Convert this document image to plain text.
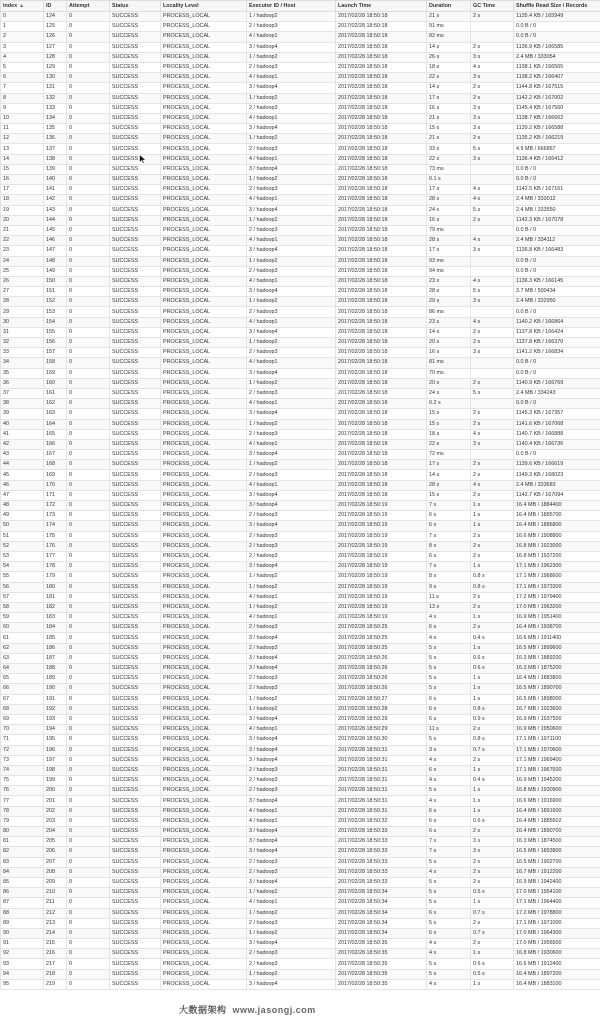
Index ▲	ID	Attempt	Status	Locality Level	Executor ID / Host	Launch Time	Duration	GC Time	Shuffle Read Size / Records
0	124	0	SUCCESS	PROCESS_LOCAL	1 / hadoop2	2017/02/28 18:50:18	21 s	2 s	1135.4 KB / 165949
1	125	0	SUCCESS	PROCESS_LOCAL	2 / hadoop3	2017/02/28 18:50:18	91 ms		0.0 B / 0
2	126	0	SUCCESS	PROCESS_LOCAL	4 / hadoop1	2017/02/28 18:50:18	82 ms		0.0 B / 0
3	127	0	SUCCESS	PROCESS_LOCAL	3 / hadoop4	2017/02/28 18:50:18	14 s	2 s	1136.9 KB / 166585
4	128	0	SUCCESS	PROCESS_LOCAL	1 / hadoop2	2017/02/28 18:50:18	26 s	3 s	2.4 MB / 333054
5	129	0	SUCCESS	PROCESS_LOCAL	2 / hadoop3	2017/02/28 18:50:18	18 s	4 s	1138.1 KB / 166505
6	130	0	SUCCESS	PROCESS_LOCAL	4 / hadoop1	2017/02/28 18:50:18	22 s	3 s	1138.2 KB / 166407
7	131	0	SUCCESS	PROCESS_LOCAL	3 / hadoop4	2017/02/28 18:50:18	14 s	2 s	1144.8 KB / 167515
8	132	0	SUCCESS	PROCESS_LOCAL	1 / hadoop2	2017/02/28 18:50:18	17 s	2 s	1142.2 KB / 167002
9	133	0	SUCCESS	PROCESS_LOCAL	2 / hadoop3	2017/02/28 18:50:18	16 s	3 s	1145.4 KB / 167560
10	134	0	SUCCESS	PROCESS_LOCAL	4 / hadoop1	2017/02/28 18:50:18	21 s	3 s	1138.7 KB / 166662
11	135	0	SUCCESS	PROCESS_LOCAL	3 / hadoop4	2017/02/28 18:50:18	15 s	3 s	1139.2 KB / 166588
12	136	0	SUCCESS	PROCESS_LOCAL	1 / hadoop2	2017/02/28 18:50:18	21 s	2 s	1135.2 KB / 166219
13	137	0	SUCCESS	PROCESS_LOCAL	2 / hadoop3	2017/02/28 18:50:18	33 s	5 s	4.9 MB / 666867
14	138	0	SUCCESS	PROCESS_LOCAL	4 / hadoop1	2017/02/28 18:50:18	22 s	3 s	1136.4 KB / 166412
15	139	0	SUCCESS	PROCESS_LOCAL	3 / hadoop4	2017/02/28 18:50:18	73 ms		0.0 B / 0
16	140	0	SUCCESS	PROCESS_LOCAL	1 / hadoop2	2017/02/28 18:50:18	0.1 s		0.0 B / 0
17	141	0	SUCCESS	PROCESS_LOCAL	2 / hadoop3	2017/02/28 18:50:18	17 s	4 s	1142.5 KB / 167161
18	142	0	SUCCESS	PROCESS_LOCAL	4 / hadoop1	2017/02/28 18:50:18	28 s	4 s	2.4 MB / 333012
19	143	0	SUCCESS	PROCESS_LOCAL	3 / hadoop4	2017/02/28 18:50:18	24 s	5 s	2.4 MB / 333550
20	144	0	SUCCESS	PROCESS_LOCAL	1 / hadoop2	2017/02/28 18:50:18	16 s	2 s	1142.3 KB / 167078
21	145	0	SUCCESS	PROCESS_LOCAL	2 / hadoop3	2017/02/28 18:50:18	79 ms		0.0 B / 0
22	146	0	SUCCESS	PROCESS_LOCAL	4 / hadoop1	2017/02/28 18:50:18	28 s	4 s	2.4 MB / 334112
23	147	0	SUCCESS	PROCESS_LOCAL	3 / hadoop4	2017/02/28 18:50:18	17 s	3 s	1136.8 KB / 166483
24	148	0	SUCCESS	PROCESS_LOCAL	1 / hadoop2	2017/02/28 18:50:18	93 ms		0.0 B / 0
25	149	0	SUCCESS	PROCESS_LOCAL	2 / hadoop3	2017/02/28 18:50:18	94 ms		0.0 B / 0
26	150	0	SUCCESS	PROCESS_LOCAL	4 / hadoop1	2017/02/28 18:50:18	23 s	4 s	1136.3 KB / 166145
27	151	0	SUCCESS	PROCESS_LOCAL	3 / hadoop4	2017/02/28 18:50:18	28 s	5 s	3.7 MB / 500434
28	152	0	SUCCESS	PROCESS_LOCAL	1 / hadoop2	2017/02/28 18:50:18	29 s	3 s	2.4 MB / 332950
29	153	0	SUCCESS	PROCESS_LOCAL	2 / hadoop3	2017/02/28 18:50:18	86 ms		0.0 B / 0
30	154	0	SUCCESS	PROCESS_LOCAL	4 / hadoop1	2017/02/28 18:50:18	23 s	4 s	1140.2 KB / 166864
31	155	0	SUCCESS	PROCESS_LOCAL	3 / hadoop4	2017/02/28 18:50:18	14 s	2 s	1137.8 KB / 166424
32	156	0	SUCCESS	PROCESS_LOCAL	1 / hadoop2	2017/02/28 18:50:18	20 s	2 s	1137.8 KB / 166370
33	157	0	SUCCESS	PROCESS_LOCAL	2 / hadoop3	2017/02/28 18:50:18	16 s	3 s	1141.2 KB / 166834
34	158	0	SUCCESS	PROCESS_LOCAL	4 / hadoop1	2017/02/28 18:50:18	81 ms		0.0 B / 0
35	159	0	SUCCESS	PROCESS_LOCAL	3 / hadoop4	2017/02/28 18:50:18	70 ms		0.0 B / 0
36	160	0	SUCCESS	PROCESS_LOCAL	1 / hadoop2	2017/02/28 18:50:18	20 s	2 s	1140.9 KB / 166769
37	161	0	SUCCESS	PROCESS_LOCAL	2 / hadoop3	2017/02/28 18:50:18	24 s	5 s	2.4 MB / 334243
38	162	0	SUCCESS	PROCESS_LOCAL	4 / hadoop1	2017/02/28 18:50:18	0.2 s		0.0 B / 0
39	163	0	SUCCESS	PROCESS_LOCAL	3 / hadoop4	2017/02/28 18:50:18	15 s	2 s	1145.3 KB / 167357
40	164	0	SUCCESS	PROCESS_LOCAL	1 / hadoop2	2017/02/28 18:50:18	15 s	2 s	1141.6 KB / 167068
41	165	0	SUCCESS	PROCESS_LOCAL	2 / hadoop3	2017/02/28 18:50:18	18 s	4 s	1140.7 KB / 166888
42	166	0	SUCCESS	PROCESS_LOCAL	4 / hadoop1	2017/02/28 18:50:18	22 s	3 s	1140.4 KB / 166736
43	167	0	SUCCESS	PROCESS_LOCAL	3 / hadoop4	2017/02/28 18:50:18	72 ms		0.0 B / 0
44	168	0	SUCCESS	PROCESS_LOCAL	1 / hadoop2	2017/02/28 18:50:18	17 s	2 s	1139.6 KB / 166619
45	169	0	SUCCESS	PROCESS_LOCAL	2 / hadoop3	2017/02/28 18:50:18	14 s	2 s	1149.3 KB / 168023
46	170	0	SUCCESS	PROCESS_LOCAL	4 / hadoop1	2017/02/28 18:50:18	28 s	4 s	2.4 MB / 333683
47	171	0	SUCCESS	PROCESS_LOCAL	3 / hadoop4	2017/02/28 18:50:18	15 s	2 s	1142.7 KB / 167094
48	172	0	SUCCESS	PROCESS_LOCAL	3 / hadoop4	2017/02/28 18:50:19	7 s	1 s	16.4 MB / 1884400
49	173	0	SUCCESS	PROCESS_LOCAL	2 / hadoop3	2017/02/28 18:50:19	6 s	1 s	16.4 MB / 1885700
50	174	0	SUCCESS	PROCESS_LOCAL	3 / hadoop4	2017/02/28 18:50:19	6 s	1 s	16.4 MB / 1886800
51	175	0	SUCCESS	PROCESS_LOCAL	2 / hadoop3	2017/02/28 18:50:19	7 s	2 s	16.6 MB / 1908800
52	176	0	SUCCESS	PROCESS_LOCAL	2 / hadoop3	2017/02/28 18:50:19	8 s	2 s	16.8 MB / 1923000
53	177	0	SUCCESS	PROCESS_LOCAL	2 / hadoop3	2017/02/28 18:50:19	6 s	2 s	16.8 MB / 1937200
54	178	0	SUCCESS	PROCESS_LOCAL	3 / hadoop4	2017/02/28 18:50:19	7 s	1 s	17.1 MB / 1962300
55	179	0	SUCCESS	PROCESS_LOCAL	1 / hadoop2	2017/02/28 18:50:19	8 s	0.8 s	17.1 MB / 1968600
56	180	0	SUCCESS	PROCESS_LOCAL	1 / hadoop2	2017/02/28 18:50:19	9 s	0.8 s	17.1 MB / 1973300
57	181	0	SUCCESS	PROCESS_LOCAL	4 / hadoop1	2017/02/28 18:50:19	11 s	2 s	17.2 MB / 1979400
58	182	0	SUCCESS	PROCESS_LOCAL	1 / hadoop2	2017/02/28 18:50:19	13 s	2 s	17.0 MB / 1963200
59	183	0	SUCCESS	PROCESS_LOCAL	4 / hadoop1	2017/02/28 18:50:19	4 s	1 s	16.9 MB / 1951400
60	184	0	SUCCESS	PROCESS_LOCAL	2 / hadoop3	2017/02/28 18:50:25	6 s	2 s	16.4 MB / 1938700
61	185	0	SUCCESS	PROCESS_LOCAL	3 / hadoop4	2017/02/28 18:50:25	4 s	0.4 s	16.6 MB / 1911400
62	186	0	SUCCESS	PROCESS_LOCAL	2 / hadoop3	2017/02/28 18:50:25	5 s	1 s	16.5 MB / 1899600
63	187	0	SUCCESS	PROCESS_LOCAL	3 / hadoop4	2017/02/28 18:50:26	5 s	0.6 s	16.3 MB / 1889200
64	188	0	SUCCESS	PROCESS_LOCAL	3 / hadoop4	2017/02/28 18:50:26	5 s	0.6 s	16.3 MB / 1875200
65	189	0	SUCCESS	PROCESS_LOCAL	2 / hadoop3	2017/02/28 18:50:26	5 s	1 s	16.4 MB / 1883800
66	190	0	SUCCESS	PROCESS_LOCAL	2 / hadoop3	2017/02/28 18:50:26	5 s	1 s	16.5 MB / 1890700
67	191	0	SUCCESS	PROCESS_LOCAL	1 / hadoop2	2017/02/28 18:50:27	6 s	1 s	16.5 MB / 1898000
68	192	0	SUCCESS	PROCESS_LOCAL	1 / hadoop2	2017/02/28 18:50:28	6 s	0.8 s	16.7 MB / 1923600
69	193	0	SUCCESS	PROCESS_LOCAL	3 / hadoop4	2017/02/28 18:50:29	6 s	0.9 s	16.9 MB / 1937500
70	194	0	SUCCESS	PROCESS_LOCAL	4 / hadoop1	2017/02/28 18:50:29	11 s	2 s	16.9 MB / 1950600
71	195	0	SUCCESS	PROCESS_LOCAL	3 / hadoop4	2017/02/28 18:50:30	5 s	0.8 s	17.1 MB / 1971100
72	196	0	SUCCESS	PROCESS_LOCAL	3 / hadoop4	2017/02/28 18:50:31	3 s	0.7 s	17.1 MB / 1970600
73	197	0	SUCCESS	PROCESS_LOCAL	3 / hadoop4	2017/02/28 18:50:31	4 s	2 s	17.1 MB / 1969400
74	198	0	SUCCESS	PROCESS_LOCAL	2 / hadoop3	2017/02/28 18:50:31	6 s	1 s	17.1 MB / 1967600
75	199	0	SUCCESS	PROCESS_LOCAL	2 / hadoop3	2017/02/28 18:50:31	4 s	0.4 s	16.9 MB / 1945200
76	200	0	SUCCESS	PROCESS_LOCAL	2 / hadoop3	2017/02/28 18:50:31	5 s	1 s	16.8 MB / 1930900
77	201	0	SUCCESS	PROCESS_LOCAL	3 / hadoop4	2017/02/28 18:50:31	4 s	1 s	16.6 MB / 1916900
78	202	0	SUCCESS	PROCESS_LOCAL	4 / hadoop1	2017/02/28 18:50:31	6 s	1 s	16.4 MB / 1891600
79	203	0	SUCCESS	PROCESS_LOCAL	4 / hadoop1	2017/02/28 18:50:32	6 s	0.6 s	16.4 MB / 1885502
80	204	0	SUCCESS	PROCESS_LOCAL	3 / hadoop4	2017/02/28 18:50:33	6 s	2 s	16.4 MB / 1890700
81	205	0	SUCCESS	PROCESS_LOCAL	3 / hadoop4	2017/02/28 18:50:33	7 s	3 s	16.3 MB / 1874500
82	206	0	SUCCESS	PROCESS_LOCAL	3 / hadoop4	2017/02/28 18:50:33	7 s	3 s	16.5 MB / 1893800
83	207	0	SUCCESS	PROCESS_LOCAL	2 / hadoop3	2017/02/28 18:50:33	5 s	2 s	16.5 MB / 1902700
84	208	0	SUCCESS	PROCESS_LOCAL	2 / hadoop3	2017/02/28 18:50:33	4 s	2 s	16.7 MB / 1912200
85	209	0	SUCCESS	PROCESS_LOCAL	3 / hadoop4	2017/02/28 18:50:33	5 s	2 s	16.9 MB / 1942400
86	210	0	SUCCESS	PROCESS_LOCAL	1 / hadoop2	2017/02/28 18:50:34	5 s	0.5 s	17.0 MB / 1954100
87	211	0	SUCCESS	PROCESS_LOCAL	4 / hadoop1	2017/02/28 18:50:34	5 s	1 s	17.1 MB / 1964400
88	212	0	SUCCESS	PROCESS_LOCAL	1 / hadoop2	2017/02/28 18:50:34	6 s	0.7 s	17.2 MB / 1978800
89	213	0	SUCCESS	PROCESS_LOCAL	2 / hadoop3	2017/02/28 18:50:34	5 s	2 s	17.1 MB / 1971000
90	214	0	SUCCESS	PROCESS_LOCAL	1 / hadoop2	2017/02/28 18:50:34	6 s	0.7 s	17.0 MB / 1964300
91	215	0	SUCCESS	PROCESS_LOCAL	3 / hadoop4	2017/02/28 18:50:35	4 s	2 s	17.0 MB / 1956500
92	216	0	SUCCESS	PROCESS_LOCAL	2 / hadoop3	2017/02/28 18:50:35	4 s	1 s	16.8 MB / 1930600
93	217	0	SUCCESS	PROCESS_LOCAL	2 / hadoop3	2017/02/28 18:50:35	5 s	0.6 s	16.6 MB / 1912400
94	218	0	SUCCESS	PROCESS_LOCAL	1 / hadoop2	2017/02/28 18:50:35	5 s	0.5 s	16.4 MB / 1897200
95	219	0	SUCCESS	PROCESS_LOCAL	3 / hadoop4	2017/02/28 18:50:35	4 s	1 s	16.4 MB / 1883100
大数据架构 www.jasongj.com
